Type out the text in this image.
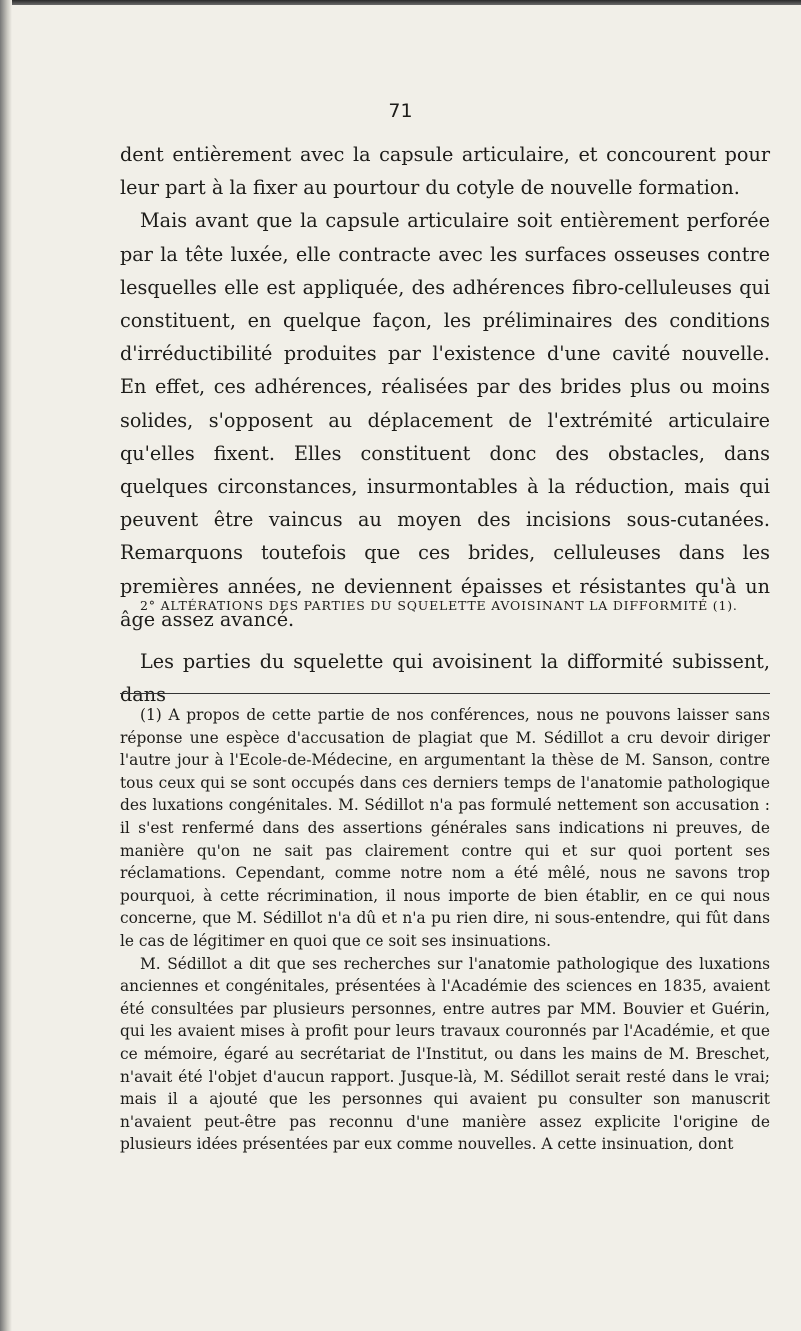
71

dent entièrement avec la capsule articulaire, et concourent pour leur part à la fixer au pourtour du cotyle de nouvelle formation.

Mais avant que la capsule articulaire soit entièrement perforée par la tête luxée, elle contracte avec les surfaces osseuses contre lesquelles elle est appliquée, des adhérences fibro-celluleuses qui constituent, en quelque façon, les préliminaires des conditions d'irréductibilité produites par l'existence d'une cavité nouvelle. En effet, ces adhérences, réalisées par des brides plus ou moins solides, s'opposent au déplacement de l'extrémité articulaire qu'elles fixent. Elles constituent donc des obstacles, dans quelques circonstances, insurmontables à la réduction, mais qui peuvent être vaincus au moyen des incisions sous-cutanées. Remarquons toutefois que ces brides, celluleuses dans les premières années, ne deviennent épaisses et résistantes qu'à un âge assez avancé.

2° ALTÉRATIONS DES PARTIES DU SQUELETTE AVOISINANT LA DIFFORMITÉ (1).

Les parties du squelette qui avoisinent la difformité subissent, dans

(1) A propos de cette partie de nos conférences, nous ne pouvons laisser sans réponse une espèce d'accusation de plagiat que M. Sédillot a cru devoir diriger l'autre jour à l'Ecole-de-Médecine, en argumentant la thèse de M. Sanson, contre tous ceux qui se sont occupés dans ces derniers temps de l'anatomie pathologique des luxations congénitales. M. Sédillot n'a pas formulé nettement son accusation : il s'est renfermé dans des assertions générales sans indications ni preuves, de manière qu'on ne sait pas clairement contre qui et sur quoi portent ses réclamations. Cependant, comme notre nom a été mêlé, nous ne savons trop pourquoi, à cette récrimination, il nous importe de bien établir, en ce qui nous concerne, que M. Sédillot n'a dû et n'a pu rien dire, ni sous-entendre, qui fût dans le cas de légitimer en quoi que ce soit ses insinuations.

M. Sédillot a dit que ses recherches sur l'anatomie pathologique des luxations anciennes et congénitales, présentées à l'Académie des sciences en 1835, avaient été consultées par plusieurs personnes, entre autres par MM. Bouvier et Guérin, qui les avaient mises à profit pour leurs travaux couronnés par l'Académie, et que ce mémoire, égaré au secrétariat de l'Institut, ou dans les mains de M. Breschet, n'avait été l'objet d'aucun rapport. Jusque-là, M. Sédillot serait resté dans le vrai; mais il a ajouté que les personnes qui avaient pu consulter son manuscrit n'avaient peut-être pas reconnu d'une manière assez explicite l'origine de plusieurs idées présentées par eux comme nouvelles. A cette insinuation, dont
